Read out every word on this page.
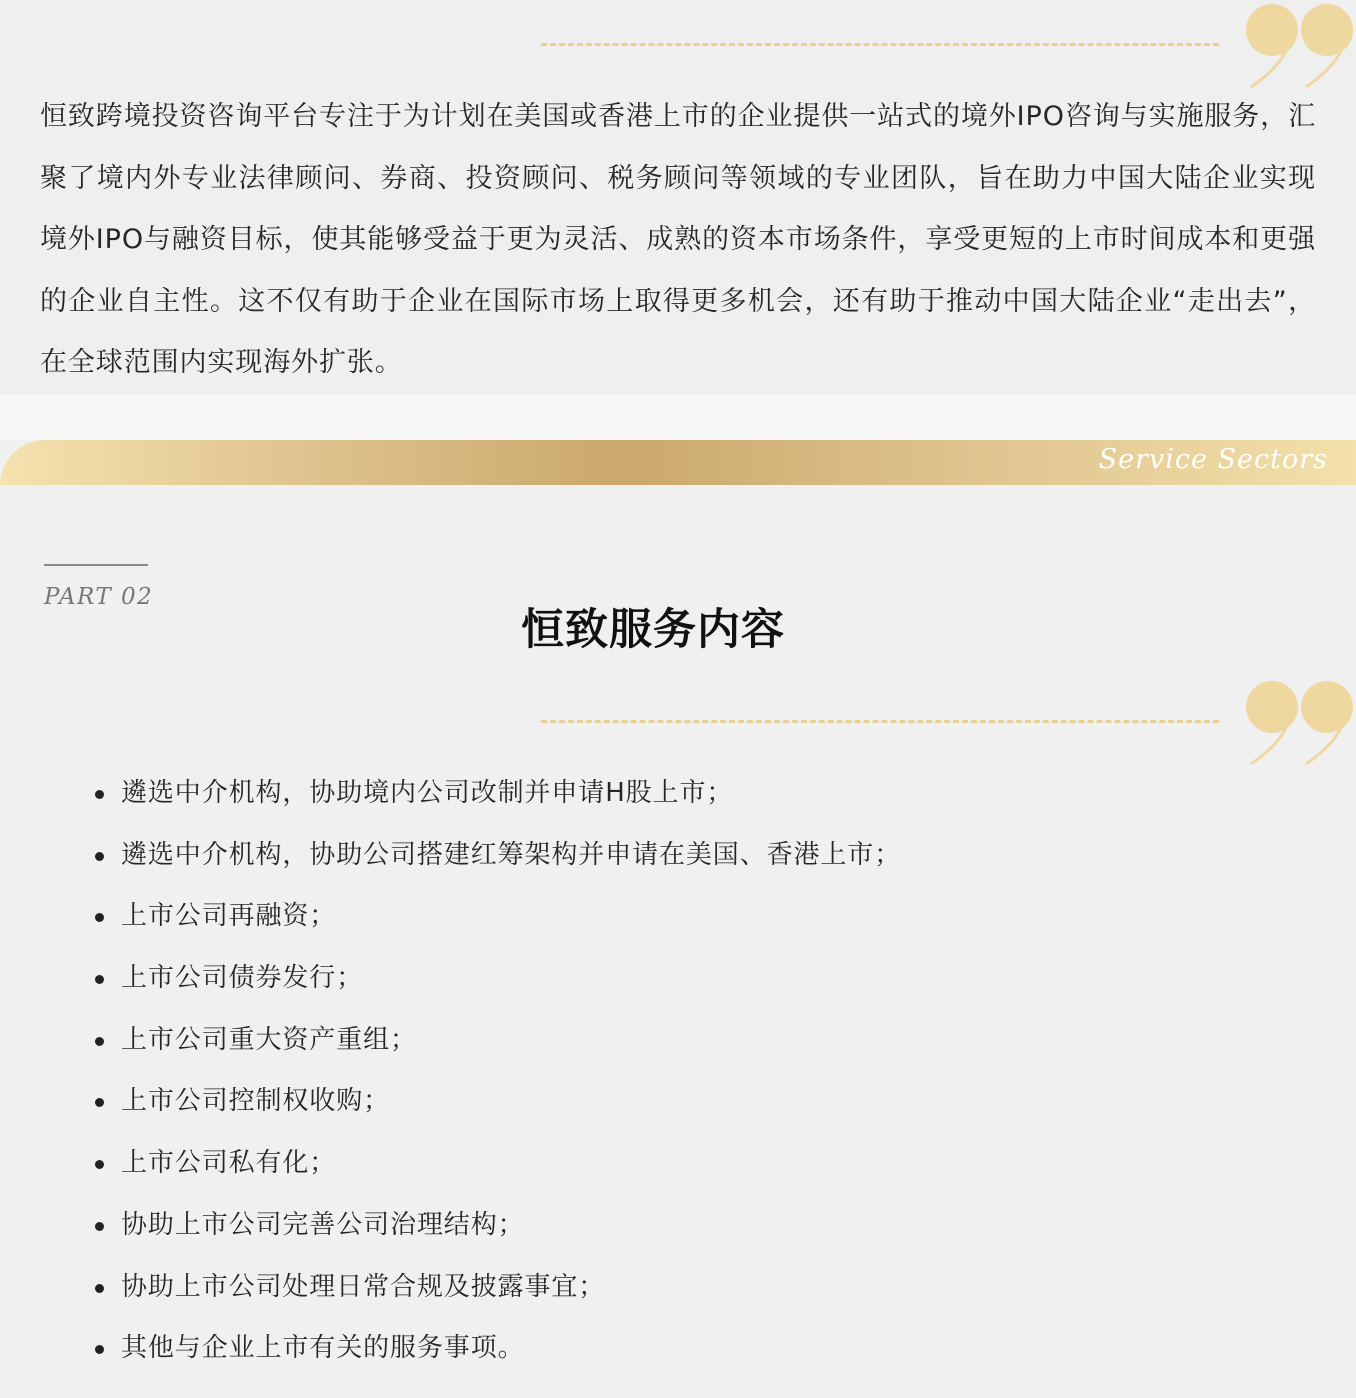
恒致跨境投资咨询平台专注于为计划在美国或香港上市的企业提供一站式的境外IPO咨询与实施服务，汇聚了境内外专业法律顾问、券商、投资顾问、税务顾问等领域的专业团队，旨在助力中国大陆企业实现境外IPO与融资目标，使其能够受益于更为灵活、成熟的资本市场条件，享受更短的上市时间成本和更强的企业自主性。这不仅有助于企业在国际市场上取得更多机会，还有助于推动中国大陆企业“走出去”，在全球范围内实现海外扩张。

Service Sectors
PART 02
恒致服务内容
遴选中介机构，协助境内公司改制并申请H股上市；
遴选中介机构，协助公司搭建红筹架构并申请在美国、香港上市；
上市公司再融资；
上市公司债券发行；
上市公司重大资产重组；
上市公司控制权收购；
上市公司私有化；
协助上市公司完善公司治理结构；
协助上市公司处理日常合规及披露事宜；
其他与企业上市有关的服务事项。
